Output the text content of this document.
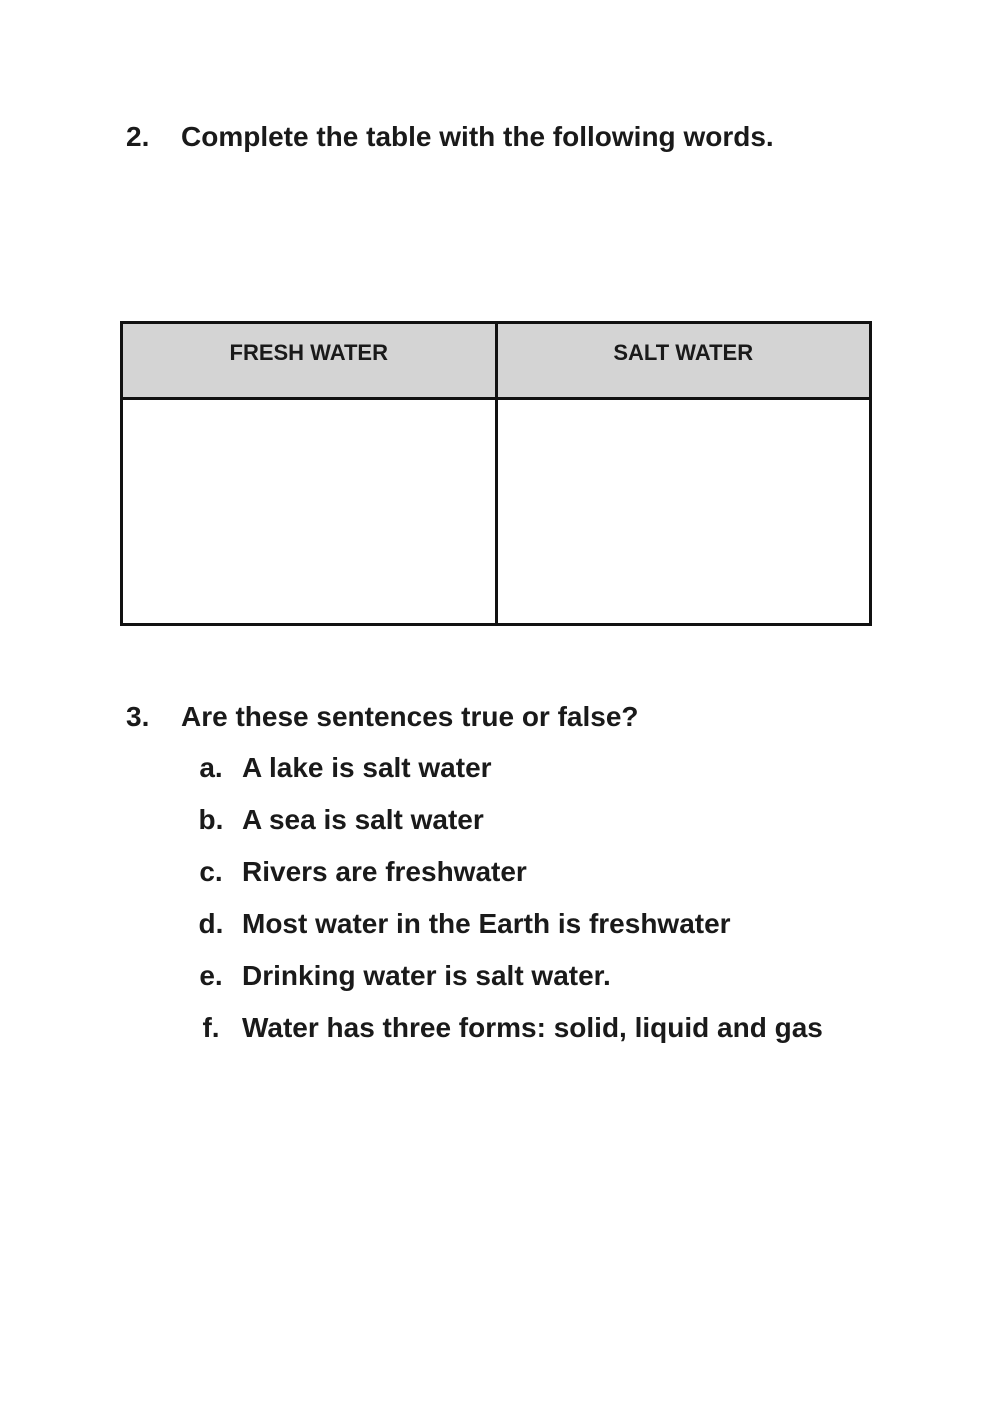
2. Complete the table with the following words.
FRESH WATER	SALT WATER

3. Are these sentences true or false?
a. A lake is salt water
b. A sea is salt water
c. Rivers are freshwater
d. Most water in the Earth is freshwater
e. Drinking water is salt water.
f. Water has three forms: solid, liquid and gas
